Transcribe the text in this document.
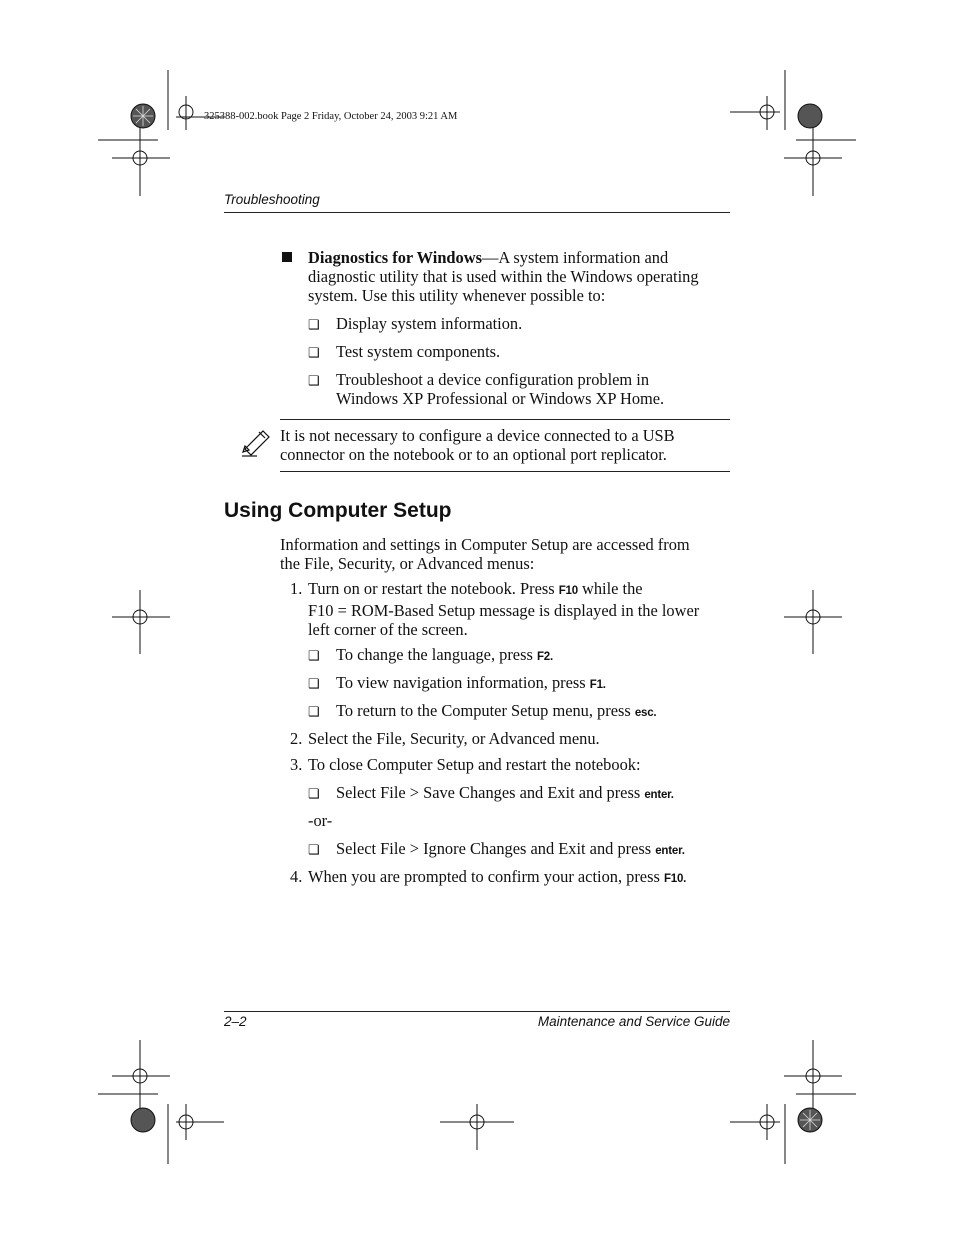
325388-002.book Page 2 Friday, October 24, 2003 9:21 AM
Troubleshooting
Diagnostics for Windows—A system information and
diagnostic utility that is used within the Windows operating
system. Use this utility whenever possible to:
❑ Display system information.
❑ Test system components.
❑ Troubleshoot a device configuration problem in
Windows XP Professional or Windows XP Home.
It is not necessary to configure a device connected to a USB
connector on the notebook or to an optional port replicator.
Using Computer Setup
Information and settings in Computer Setup are accessed from
the File, Security, or Advanced menus:
1. Turn on or restart the notebook. Press F10 while the
F10 = ROM-Based Setup message is displayed in the lower
left corner of the screen.
❑ To change the language, press F2.
❑ To view navigation information, press F1.
❑ To return to the Computer Setup menu, press esc.
2. Select the File, Security, or Advanced menu.
3. To close Computer Setup and restart the notebook:
❑ Select File > Save Changes and Exit and press enter.
-or-
❑ Select File > Ignore Changes and Exit and press enter.
4. When you are prompted to confirm your action, press F10.
2–2	Maintenance and Service Guide
